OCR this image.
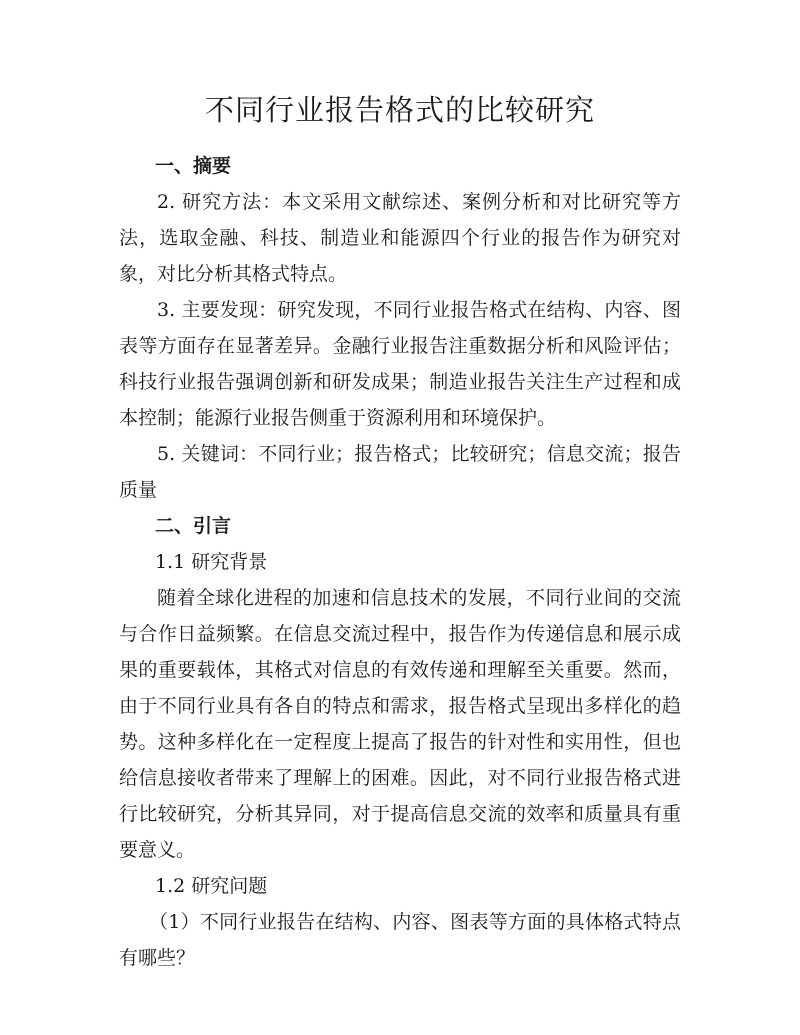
不同行业报告格式的比较研究

一、摘要

2. 研究方法：本文采用文献综述、案例分析和对比研究等方法，选取金融、科技、制造业和能源四个行业的报告作为研究对象，对比分析其格式特点。

3. 主要发现：研究发现，不同行业报告格式在结构、内容、图表等方面存在显著差异。金融行业报告注重数据分析和风险评估；科技行业报告强调创新和研发成果；制造业报告关注生产过程和成本控制；能源行业报告侧重于资源利用和环境保护。

5. 关键词：不同行业；报告格式；比较研究；信息交流；报告质量

二、引言

1.1 研究背景

随着全球化进程的加速和信息技术的发展，不同行业间的交流与合作日益频繁。在信息交流过程中，报告作为传递信息和展示成果的重要载体，其格式对信息的有效传递和理解至关重要。然而，由于不同行业具有各自的特点和需求，报告格式呈现出多样化的趋势。这种多样化在一定程度上提高了报告的针对性和实用性，但也给信息接收者带来了理解上的困难。因此，对不同行业报告格式进行比较研究，分析其异同，对于提高信息交流的效率和质量具有重要意义。

1.2 研究问题

（1）不同行业报告在结构、内容、图表等方面的具体格式特点有哪些？
